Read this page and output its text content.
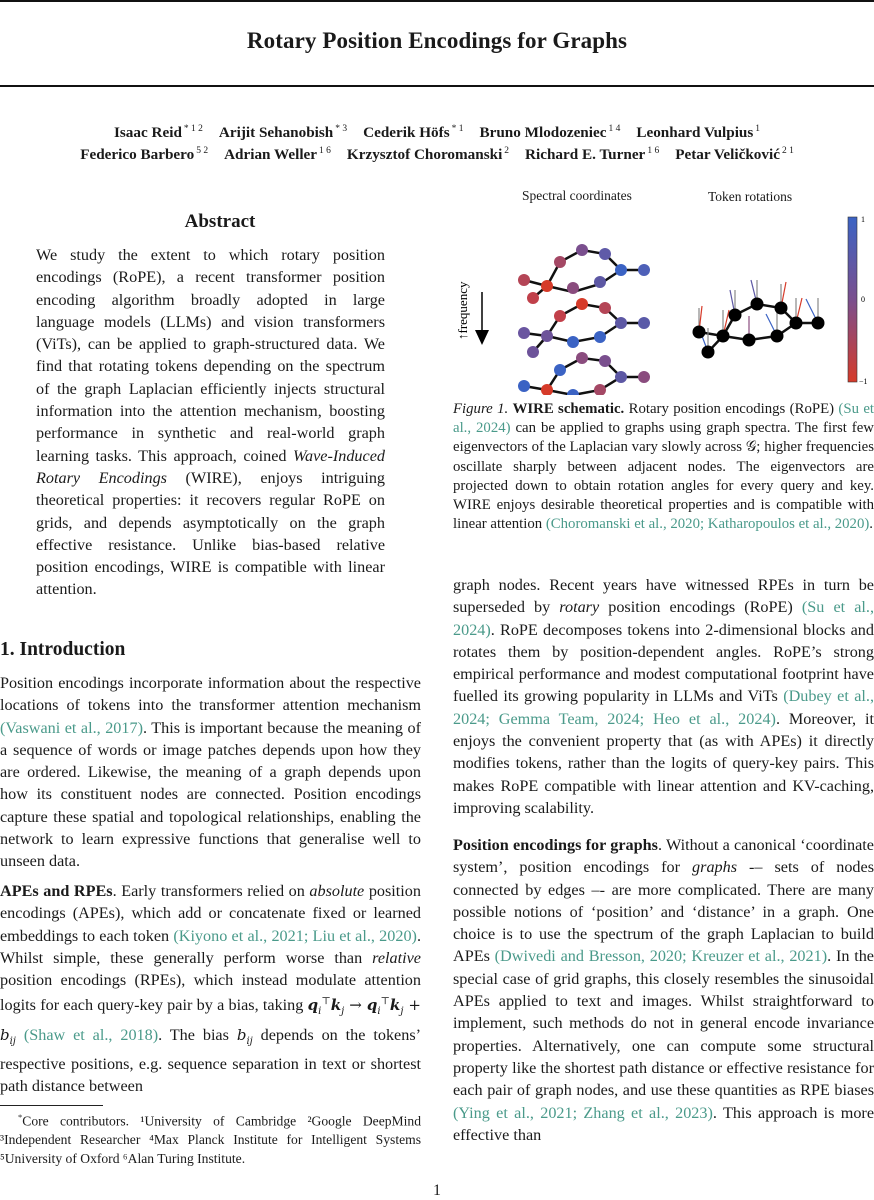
Rotary Position Encodings for Graphs
Isaac Reid $^{* 1 2}$ Arijit Sehanobish $^{* 3}$ Cederik Höfs $^{* 1}$ Bruno Mlodozeniec $^{1 4}$ Leonhard Vulpius $^1$
Federico Barbero $^{5 2}$ Adrian Weller $^{1 6}$ Krzysztof Choromanski $^2$ Richard E. Turner $^{1 6}$ Petar Veličković $^{2 1}$
Abstract

We study the extent to which rotary position encodings (RoPE), a recent transformer position encoding algorithm broadly adopted in large language models (LLMs) and vision transformers (ViTs), can be applied to graph-structured data. We find that rotating tokens depending on the spectrum of the graph Laplacian efficiently injects structural information into the attention mechanism, boosting performance in synthetic and real-world graph learning tasks. This approach, coined Wave-Induced Rotary Encodings (WIRE), enjoys intriguing theoretical properties: it recovers regular RoPE on grids, and depends asymptotically on the graph effective resistance. Unlike bias-based relative position encodings, WIRE is compatible with linear attention.

1. Introduction

Position encodings incorporate information about the respective locations of tokens into the transformer attention mechanism (Vaswani et al., 2017). This is important because the meaning of a sequence of words or image patches depends upon how they are ordered. Likewise, the meaning of a graph depends upon how its constituent nodes are connected. Position encodings capture these spatial and topological relationships, enabling the network to learn expressive functions that generalise well to unseen data.

APEs and RPEs. Early transformers relied on absolute position encodings (APEs), which add or concatenate fixed or learned embeddings to each token (Kiyono et al., 2021; Liu et al., 2020). Whilst simple, these generally perform worse than relative position encodings (RPEs), which instead modulate attention logits for each query-key pair by a bias, taking $q_i^⊤k_j \to q_i^⊤k_j + b_{ij}$ (Shaw et al., 2018). The bias $b_{ij}$ depends on the tokens’ respective positions, e.g. sequence separation in text or shortest path distance between

*Core contributors. ¹University of Cambridge ²Google DeepMind ³Independent Researcher ⁴Max Planck Institute for Intelligent Systems ⁵University of Oxford ⁶Alan Turing Institute.
Spectral coordinates	Token rotations
↑frequency
1
0
−1
Figure 1. WIRE schematic. Rotary position encodings (RoPE) (Su et al., 2024) can be applied to graphs using graph spectra. The first few eigenvectors of the Laplacian vary slowly across 𝒢; higher frequencies oscillate sharply between adjacent nodes. The eigenvectors are projected down to obtain rotation angles for every query and key. WIRE enjoys desirable theoretical properties and is compatible with linear attention (Choromanski et al., 2020; Katharopoulos et al., 2020).

graph nodes. Recent years have witnessed RPEs in turn be superseded by rotary position encodings (RoPE) (Su et al., 2024). RoPE decomposes tokens into 2-dimensional blocks and rotates them by position-dependent angles. RoPE’s strong empirical performance and modest computational footprint have fuelled its growing popularity in LLMs and ViTs (Dubey et al., 2024; Gemma Team, 2024; Heo et al., 2024). Moreover, it enjoys the convenient property that (as with APEs) it directly modifies tokens, rather than the logits of query-key pairs. This makes RoPE compatible with linear attention and KV-caching, improving scalability.

Position encodings for graphs. Without a canonical ‘coordinate system’, position encodings for graphs -– sets of nodes connected by edges –- are more complicated. There are many possible notions of ‘position’ and ‘distance’ in a graph. One choice is to use the spectrum of the graph Laplacian to build APEs (Dwivedi and Bresson, 2020; Kreuzer et al., 2021). In the special case of grid graphs, this closely resembles the sinusoidal APEs applied to text and images. Whilst straightforward to implement, such methods do not in general encode invariance properties. Alternatively, one can compute some structural property like the shortest path distance or effective resistance for each pair of graph nodes, and use these quantities as RPE biases (Ying et al., 2021; Zhang et al., 2023). This approach is more effective than

1
